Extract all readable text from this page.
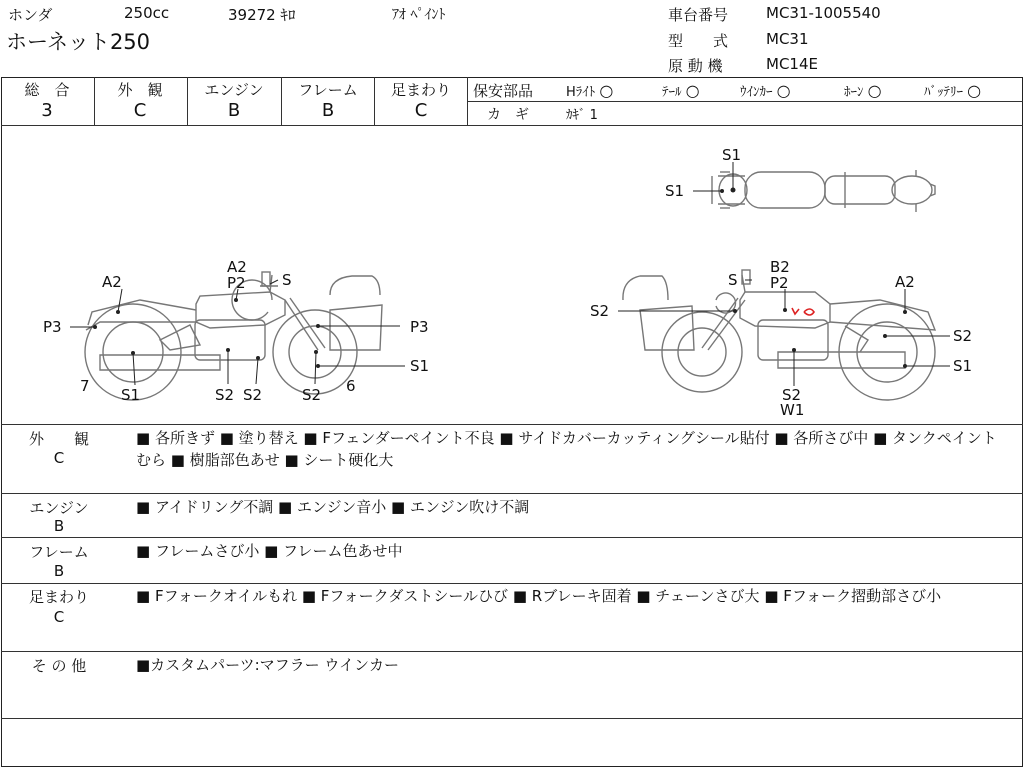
ホンダ	250cc	39272 ｷﾛ	ｱｵ ﾍﾟｲﾝﾄ
ホーネット250
車台番号	MC31-1005540
型　　式	MC31
原 動 機	MC14E
総　合
3
外　観
C
エンジン
B
フレーム
B
足まわり
C
保安部品	Hﾗｲﾄ ○	ﾃｰﾙ ○	ｳｲﾝｶｰ ○	ﾎｰﾝ ○	ﾊﾞｯﾃﾘｰ ○
カ　ギ	ｶｷﾞ 1
S1
S1
A2
A2
P2 S
P3	P3
S1
7 S1	S2 S2	S2 6
S
B2
P2	A2
S2
S2
S1
S2
W1
外　　観
C
■ 各所きず ■ 塗り替え ■ Fフェンダーペイント不良 ■ サイドカバーカッティングシール貼付 ■ 各所さび中 ■ タンクペイントむら ■ 樹脂部色あせ ■ シート硬化大
エンジン
B
■ アイドリング不調 ■ エンジン音小 ■ エンジン吹け不調
フレーム
B
■ フレームさび小 ■ フレーム色あせ中
足まわり
C
■ Fフォークオイルもれ ■ Fフォークダストシールひび ■ Rブレーキ固着 ■ チェーンさび大 ■ Fフォーク摺動部さび小
そ の 他	■カスタムパーツ:マフラー ウインカー
